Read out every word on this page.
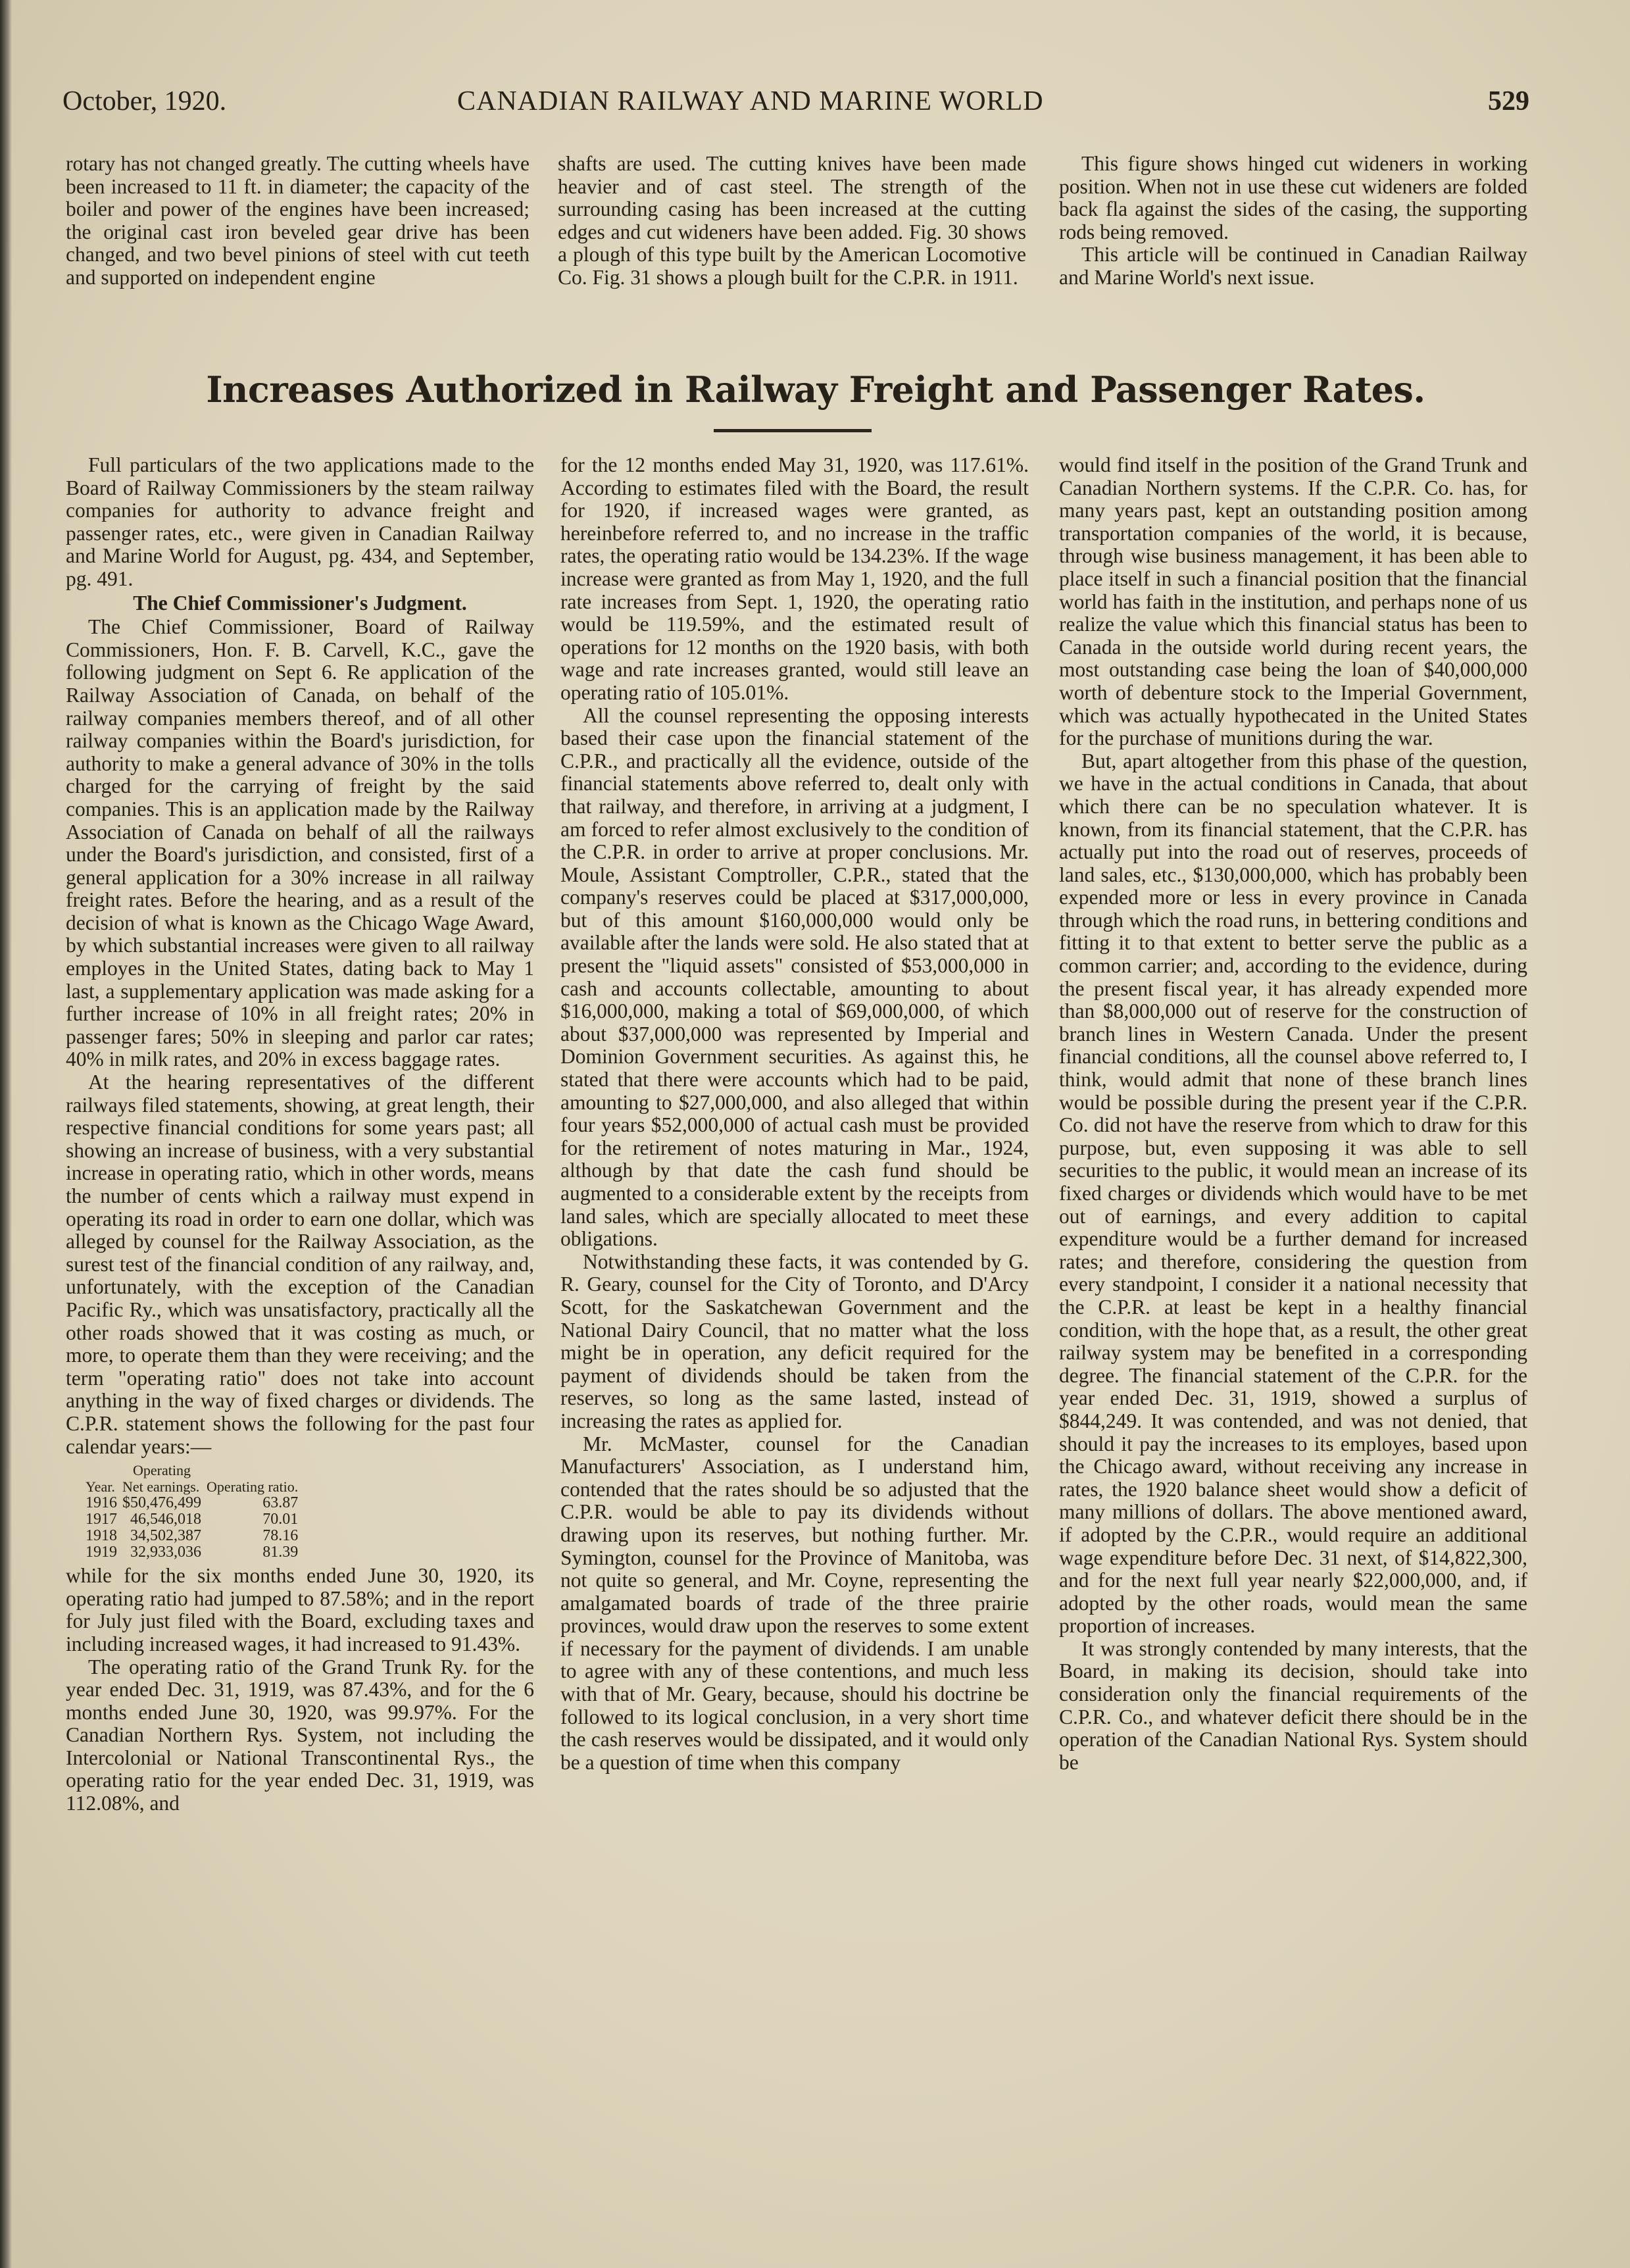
October, 1920.	CANADIAN RAILWAY AND MARINE WORLD	529

rotary has not changed greatly. The cutting wheels have been increased to 11 ft. in diameter; the capacity of the boiler and power of the engines have been increased; the original cast iron beveled gear drive has been changed, and two bevel pinions of steel with cut teeth and supported on independent engine

shafts are used. The cutting knives have been made heavier and of cast steel. The strength of the surrounding casing has been increased at the cutting edges and cut wideners have been added. Fig. 30 shows a plough of this type built by the American Locomotive Co. Fig. 31 shows a plough built for the C.P.R. in 1911.

This figure shows hinged cut wideners in working position. When not in use these cut wideners are folded back fla against the sides of the casing, the supporting rods being removed.

This article will be continued in Canadian Railway and Marine World's next issue.

Increases Authorized in Railway Freight and Passenger Rates.

Full particulars of the two applications made to the Board of Railway Commissioners by the steam railway companies for authority to advance freight and passenger rates, etc., were given in Canadian Railway and Marine World for August, pg. 434, and September, pg. 491.

The Chief Commissioner's Judgment.

The Chief Commissioner, Board of Railway Commissioners, Hon. F. B. Carvell, K.C., gave the following judgment on Sept 6. Re application of the Railway Association of Canada, on behalf of the railway companies members thereof, and of all other railway companies within the Board's jurisdiction, for authority to make a general advance of 30% in the tolls charged for the carrying of freight by the said companies. This is an application made by the Railway Association of Canada on behalf of all the railways under the Board's jurisdiction, and consisted, first of a general application for a 30% increase in all railway freight rates. Before the hearing, and as a result of the decision of what is known as the Chicago Wage Award, by which substantial increases were given to all railway employes in the United States, dating back to May 1 last, a supplementary application was made asking for a further increase of 10% in all freight rates; 20% in passenger fares; 50% in sleeping and parlor car rates; 40% in milk rates, and 20% in excess baggage rates.

At the hearing representatives of the different railways filed statements, showing, at great length, their respective financial conditions for some years past; all showing an increase of business, with a very substantial increase in operating ratio, which in other words, means the number of cents which a railway must expend in operating its road in order to earn one dollar, which was alleged by counsel for the Railway Association, as the surest test of the financial condition of any railway, and, unfortunately, with the exception of the Canadian Pacific Ry., which was unsatisfactory, practically all the other roads showed that it was costing as much, or more, to operate them than they were receiving; and the term "operating ratio" does not take into account anything in the way of fixed charges or dividends. The C.P.R. statement shows the following for the past four calendar years:—

	Operating	
Year.	Net earnings.	Operating ratio.
1916	$50,476,499	63.87
1917	46,546,018	70.01
1918	34,502,387	78.16
1919	32,933,036	81.39

while for the six months ended June 30, 1920, its operating ratio had jumped to 87.58%; and in the report for July just filed with the Board, excluding taxes and including increased wages, it had increased to 91.43%.

The operating ratio of the Grand Trunk Ry. for the year ended Dec. 31, 1919, was 87.43%, and for the 6 months ended June 30, 1920, was 99.97%. For the Canadian Northern Rys. System, not including the Intercolonial or National Transcontinental Rys., the operating ratio for the year ended Dec. 31, 1919, was 112.08%, and

for the 12 months ended May 31, 1920, was 117.61%. According to estimates filed with the Board, the result for 1920, if increased wages were granted, as hereinbefore referred to, and no increase in the traffic rates, the operating ratio would be 134.23%. If the wage increase were granted as from May 1, 1920, and the full rate increases from Sept. 1, 1920, the operating ratio would be 119.59%, and the estimated result of operations for 12 months on the 1920 basis, with both wage and rate increases granted, would still leave an operating ratio of 105.01%.

All the counsel representing the opposing interests based their case upon the financial statement of the C.P.R., and practically all the evidence, outside of the financial statements above referred to, dealt only with that railway, and therefore, in arriving at a judgment, I am forced to refer almost exclusively to the condition of the C.P.R. in order to arrive at proper conclusions. Mr. Moule, Assistant Comptroller, C.P.R., stated that the company's reserves could be placed at $317,000,000, but of this amount $160,000,000 would only be available after the lands were sold. He also stated that at present the "liquid assets" consisted of $53,000,000 in cash and accounts collectable, amounting to about $16,000,000, making a total of $69,000,000, of which about $37,000,000 was represented by Imperial and Dominion Government securities. As against this, he stated that there were accounts which had to be paid, amounting to $27,000,000, and also alleged that within four years $52,000,000 of actual cash must be provided for the retirement of notes maturing in Mar., 1924, although by that date the cash fund should be augmented to a considerable extent by the receipts from land sales, which are specially allocated to meet these obligations.

Notwithstanding these facts, it was contended by G. R. Geary, counsel for the City of Toronto, and D'Arcy Scott, for the Saskatchewan Government and the National Dairy Council, that no matter what the loss might be in operation, any deficit required for the payment of dividends should be taken from the reserves, so long as the same lasted, instead of increasing the rates as applied for.

Mr. McMaster, counsel for the Canadian Manufacturers' Association, as I understand him, contended that the rates should be so adjusted that the C.P.R. would be able to pay its dividends without drawing upon its reserves, but nothing further. Mr. Symington, counsel for the Province of Manitoba, was not quite so general, and Mr. Coyne, representing the amalgamated boards of trade of the three prairie provinces, would draw upon the reserves to some extent if necessary for the payment of dividends. I am unable to agree with any of these contentions, and much less with that of Mr. Geary, because, should his doctrine be followed to its logical conclusion, in a very short time the cash reserves would be dissipated, and it would only be a question of time when this company

would find itself in the position of the Grand Trunk and Canadian Northern systems. If the C.P.R. Co. has, for many years past, kept an outstanding position among transportation companies of the world, it is because, through wise business management, it has been able to place itself in such a financial position that the financial world has faith in the institution, and perhaps none of us realize the value which this financial status has been to Canada in the outside world during recent years, the most outstanding case being the loan of $40,000,000 worth of debenture stock to the Imperial Government, which was actually hypothecated in the United States for the purchase of munitions during the war.

But, apart altogether from this phase of the question, we have in the actual conditions in Canada, that about which there can be no speculation whatever. It is known, from its financial statement, that the C.P.R. has actually put into the road out of reserves, proceeds of land sales, etc., $130,000,000, which has probably been expended more or less in every province in Canada through which the road runs, in bettering conditions and fitting it to that extent to better serve the public as a common carrier; and, according to the evidence, during the present fiscal year, it has already expended more than $8,000,000 out of reserve for the construction of branch lines in Western Canada. Under the present financial conditions, all the counsel above referred to, I think, would admit that none of these branch lines would be possible during the present year if the C.P.R. Co. did not have the reserve from which to draw for this purpose, but, even supposing it was able to sell securities to the public, it would mean an increase of its fixed charges or dividends which would have to be met out of earnings, and every addition to capital expenditure would be a further demand for increased rates; and therefore, considering the question from every standpoint, I consider it a national necessity that the C.P.R. at least be kept in a healthy financial condition, with the hope that, as a result, the other great railway system may be benefited in a corresponding degree. The financial statement of the C.P.R. for the year ended Dec. 31, 1919, showed a surplus of $844,249. It was contended, and was not denied, that should it pay the increases to its employes, based upon the Chicago award, without receiving any increase in rates, the 1920 balance sheet would show a deficit of many millions of dollars. The above mentioned award, if adopted by the C.P.R., would require an additional wage expenditure before Dec. 31 next, of $14,822,300, and for the next full year nearly $22,000,000, and, if adopted by the other roads, would mean the same proportion of increases.

It was strongly contended by many interests, that the Board, in making its decision, should take into consideration only the financial requirements of the C.P.R. Co., and whatever deficit there should be in the operation of the Canadian National Rys. System should be
